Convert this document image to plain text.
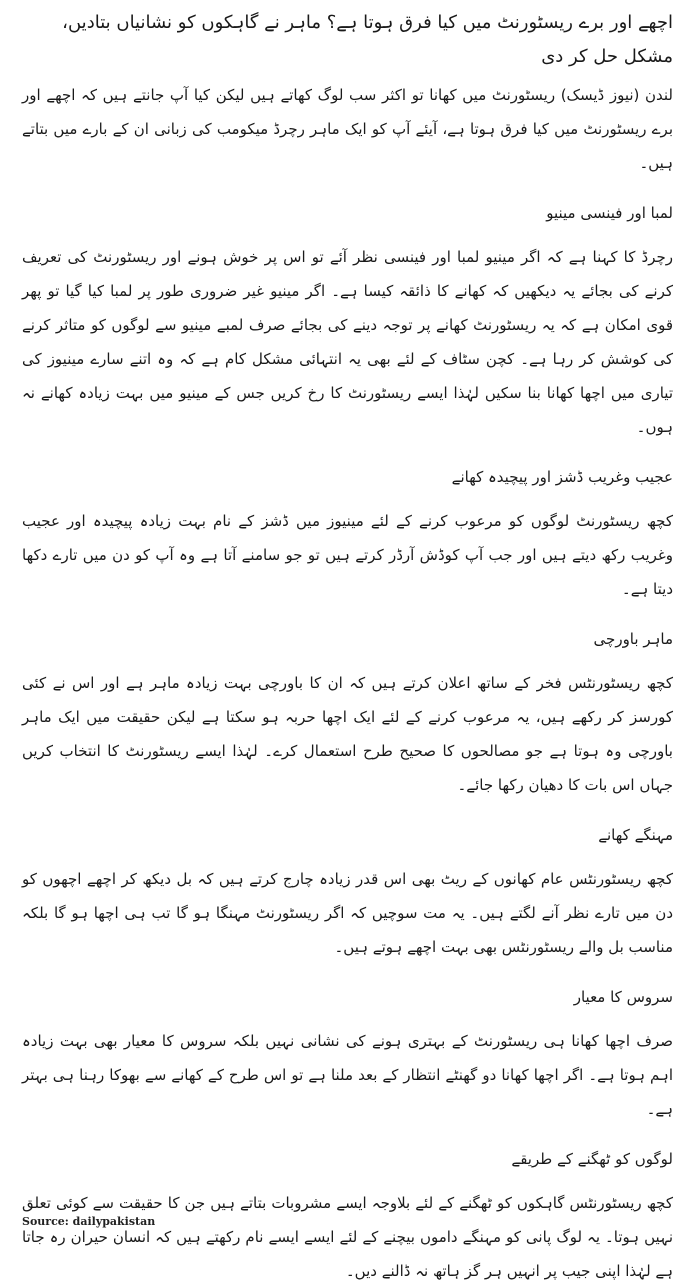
اچھے اور برے ریسٹورنٹ میں کیا فرق ہوتا ہے؟ ماہر نے گاہکوں کو نشانیاں بتادیں، مشکل حل کر دی

لندن (نیوز ڈیسک) ریسٹورنٹ میں کھانا تو اکثر سب لوگ کھاتے ہیں لیکن کیا آپ جانتے ہیں کہ اچھے اور برے ریسٹورنٹ میں کیا فرق ہوتا ہے، آیئے آپ کو ایک ماہر رچرڈ میکومب کی زبانی ان کے بارے میں بتاتے ہیں۔

لمبا اور فینسی مینیو

رچرڈ کا کہنا ہے کہ اگر مینیو لمبا اور فینسی نظر آئے تو اس پر خوش ہونے اور ریسٹورنٹ کی تعریف کرنے کی بجائے یہ دیکھیں کہ کھانے کا ذائقہ کیسا ہے۔ اگر مینیو غیر ضروری طور پر لمبا کیا گیا تو پھر قوی امکان ہے کہ یہ ریسٹورنٹ کھانے پر توجہ دینے کی بجائے صرف لمبے مینیو سے لوگوں کو متاثر کرنے کی کوشش کر رہا ہے۔ کچن سٹاف کے لئے بھی یہ انتہائی مشکل کام ہے کہ وہ اتنے سارے مینیوز کی تیاری میں اچھا کھانا بنا سکیں لہٰذا ایسے ریسٹورنٹ کا رخ کریں جس کے مینیو میں بہت زیادہ کھانے نہ ہوں۔

عجیب وغریب ڈشز اور پیچیدہ کھانے

کچھ ریسٹورنٹ لوگوں کو مرعوب کرنے کے لئے مینیوز میں ڈشز کے نام بہت زیادہ پیچیدہ اور عجیب وغریب رکھ دیتے ہیں اور جب آپ کوڈش آرڈر کرتے ہیں تو جو سامنے آتا ہے وہ آپ کو دن میں تارے دکھا دیتا ہے۔

ماہر باورچی

کچھ ریسٹورنٹس فخر کے ساتھ اعلان کرتے ہیں کہ ان کا باورچی بہت زیادہ ماہر ہے اور اس نے کئی کورسز کر رکھے ہیں، یہ مرعوب کرنے کے لئے ایک اچھا حربہ ہو سکتا ہے لیکن حقیقت میں ایک ماہر باورچی وہ ہوتا ہے جو مصالحوں کا صحیح طرح استعمال کرے۔ لہٰذا ایسے ریسٹورنٹ کا انتخاب کریں جہاں اس بات کا دھیان رکھا جائے۔

مہنگے کھانے

کچھ ریسٹورنٹس عام کھانوں کے ریٹ بھی اس قدر زیادہ چارج کرتے ہیں کہ بل دیکھ کر اچھے اچھوں کو دن میں تارے نظر آنے لگتے ہیں۔ یہ مت سوچیں کہ اگر ریسٹورنٹ مہنگا ہو گا تب ہی اچھا ہو گا بلکہ مناسب بل والے ریسٹورنٹس بھی بہت اچھے ہوتے ہیں۔

سروس کا معیار

صرف اچھا کھانا ہی ریسٹورنٹ کے بہتری ہونے کی نشانی نہیں بلکہ سروس کا معیار بھی بہت زیادہ اہم ہوتا ہے۔ اگر اچھا کھانا دو گھنٹے انتظار کے بعد ملنا ہے تو اس طرح کے کھانے سے بھوکا رہنا ہی بہتر ہے۔

لوگوں کو ٹھگنے کے طریقے

کچھ ریسٹورنٹس گاہکوں کو ٹھگنے کے لئے بلاوجہ ایسے مشروبات بتاتے ہیں جن کا حقیقت سے کوئی تعلق نہیں ہوتا۔ یہ لوگ پانی کو مہنگے داموں بیچنے کے لئے ایسے ایسے نام رکھتے ہیں کہ انسان حیران رہ جاتا ہے لہٰذا اپنی جیب پر انہیں ہر گز ہاتھ نہ ڈالنے دیں۔

Source: dailypakistan
